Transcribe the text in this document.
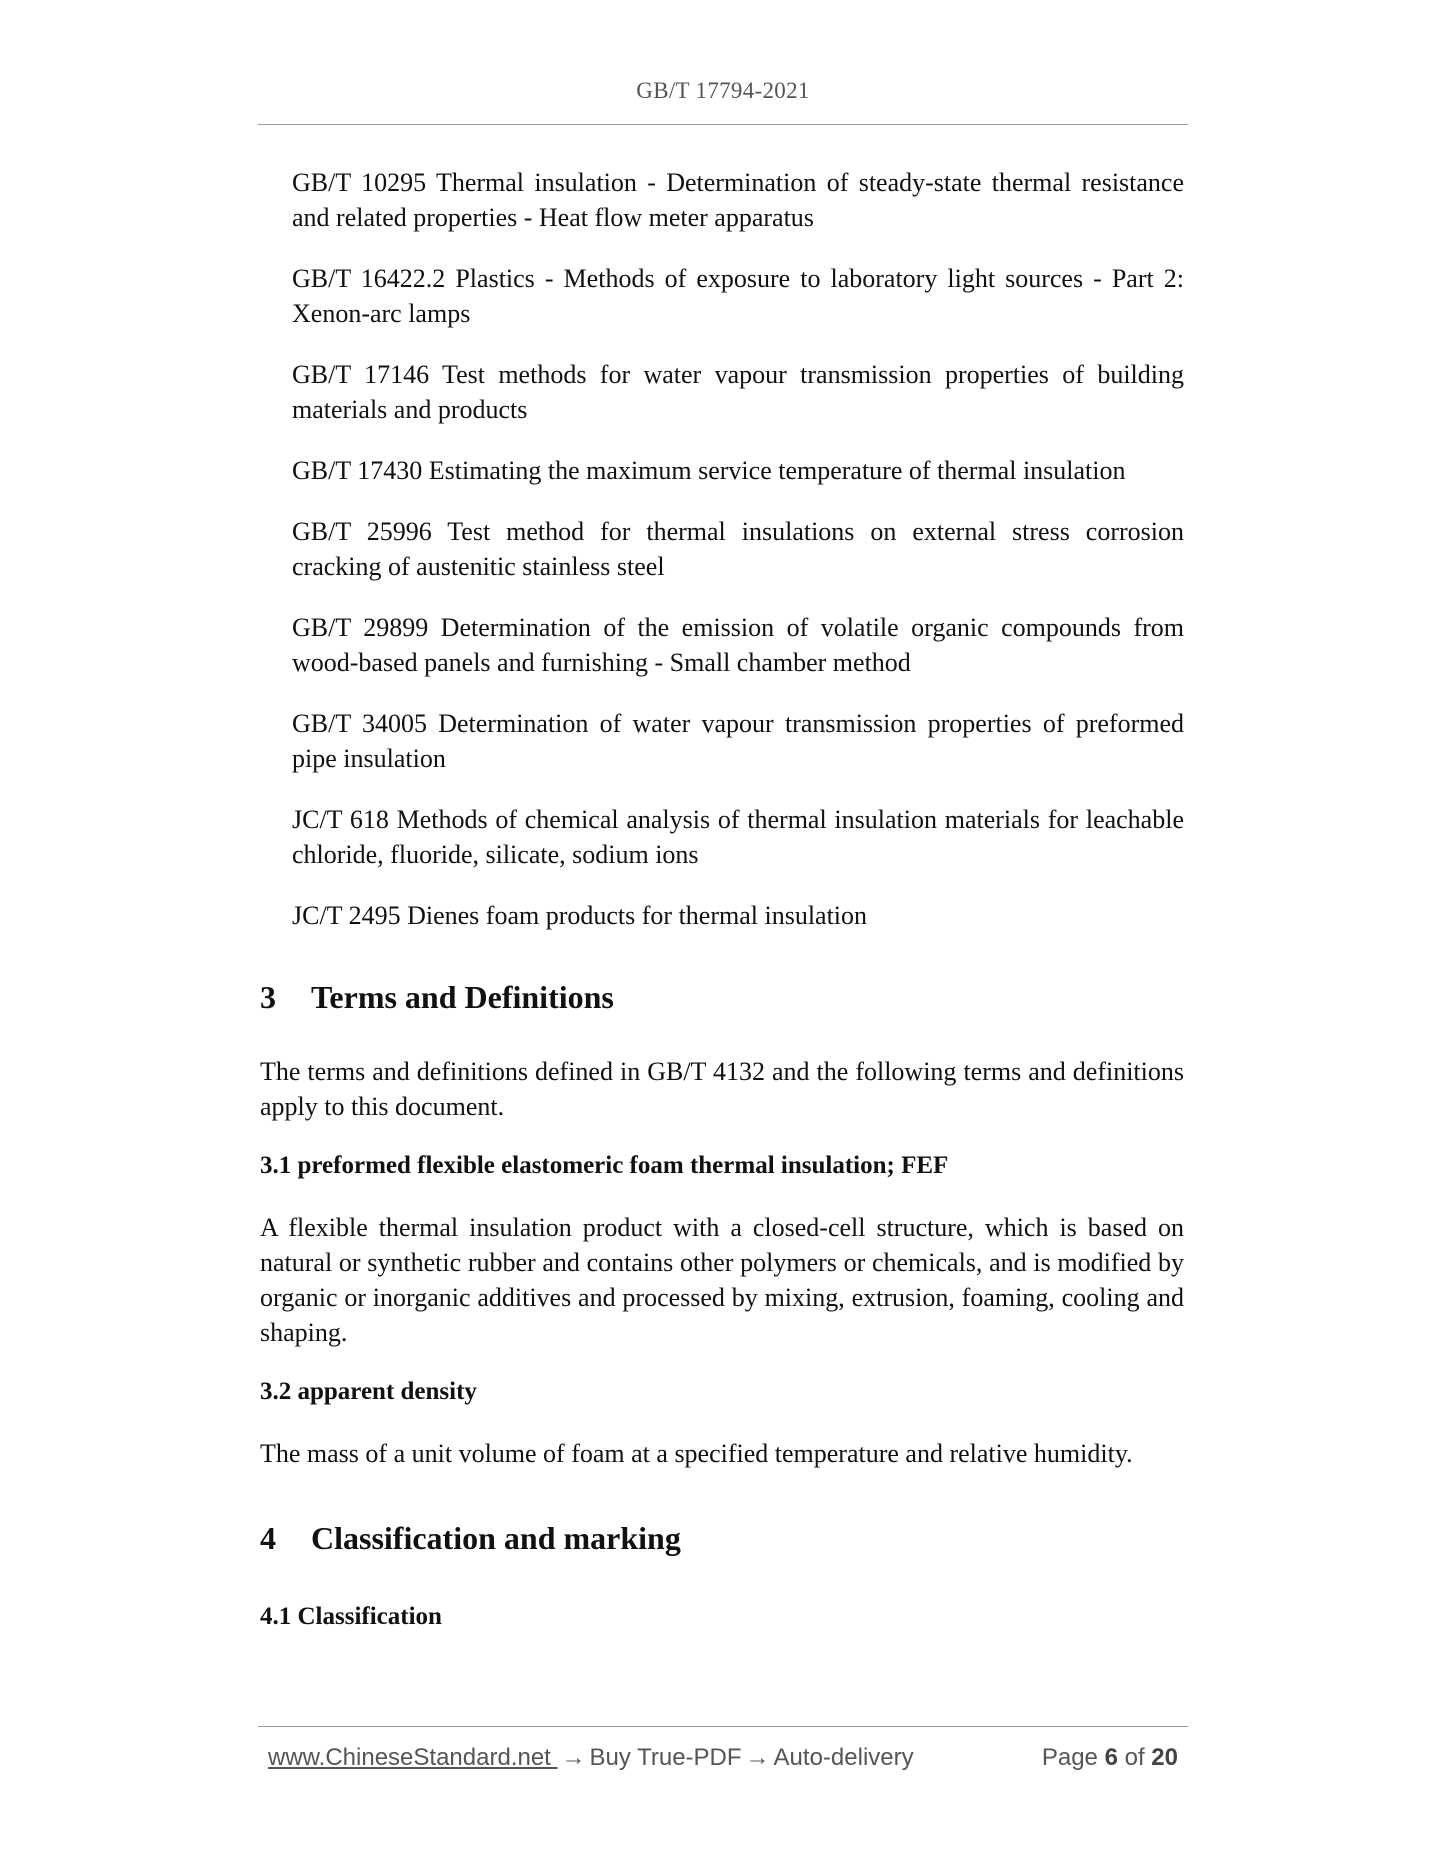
GB/T 17794-2021
GB/T 10295 Thermal insulation - Determination of steady-state thermal resistance and related properties - Heat flow meter apparatus
GB/T 16422.2 Plastics - Methods of exposure to laboratory light sources - Part 2: Xenon-arc lamps
GB/T 17146 Test methods for water vapour transmission properties of building materials and products
GB/T 17430 Estimating the maximum service temperature of thermal insulation
GB/T 25996 Test method for thermal insulations on external stress corrosion cracking of austenitic stainless steel
GB/T 29899 Determination of the emission of volatile organic compounds from wood-based panels and furnishing - Small chamber method
GB/T 34005 Determination of water vapour transmission properties of preformed pipe insulation
JC/T 618 Methods of chemical analysis of thermal insulation materials for leachable chloride, fluoride, silicate, sodium ions
JC/T 2495 Dienes foam products for thermal insulation
3 Terms and Definitions

The terms and definitions defined in GB/T 4132 and the following terms and definitions apply to this document.

3.1 preformed flexible elastomeric foam thermal insulation; FEF

A flexible thermal insulation product with a closed-cell structure, which is based on natural or synthetic rubber and contains other polymers or chemicals, and is modified by organic or inorganic additives and processed by mixing, extrusion, foaming, cooling and shaping.

3.2 apparent density

The mass of a unit volume of foam at a specified temperature and relative humidity.

4 Classification and marking
4.1 Classification
www.ChineseStandard.net → Buy True-PDF → Auto-delivery	Page 6 of 20
